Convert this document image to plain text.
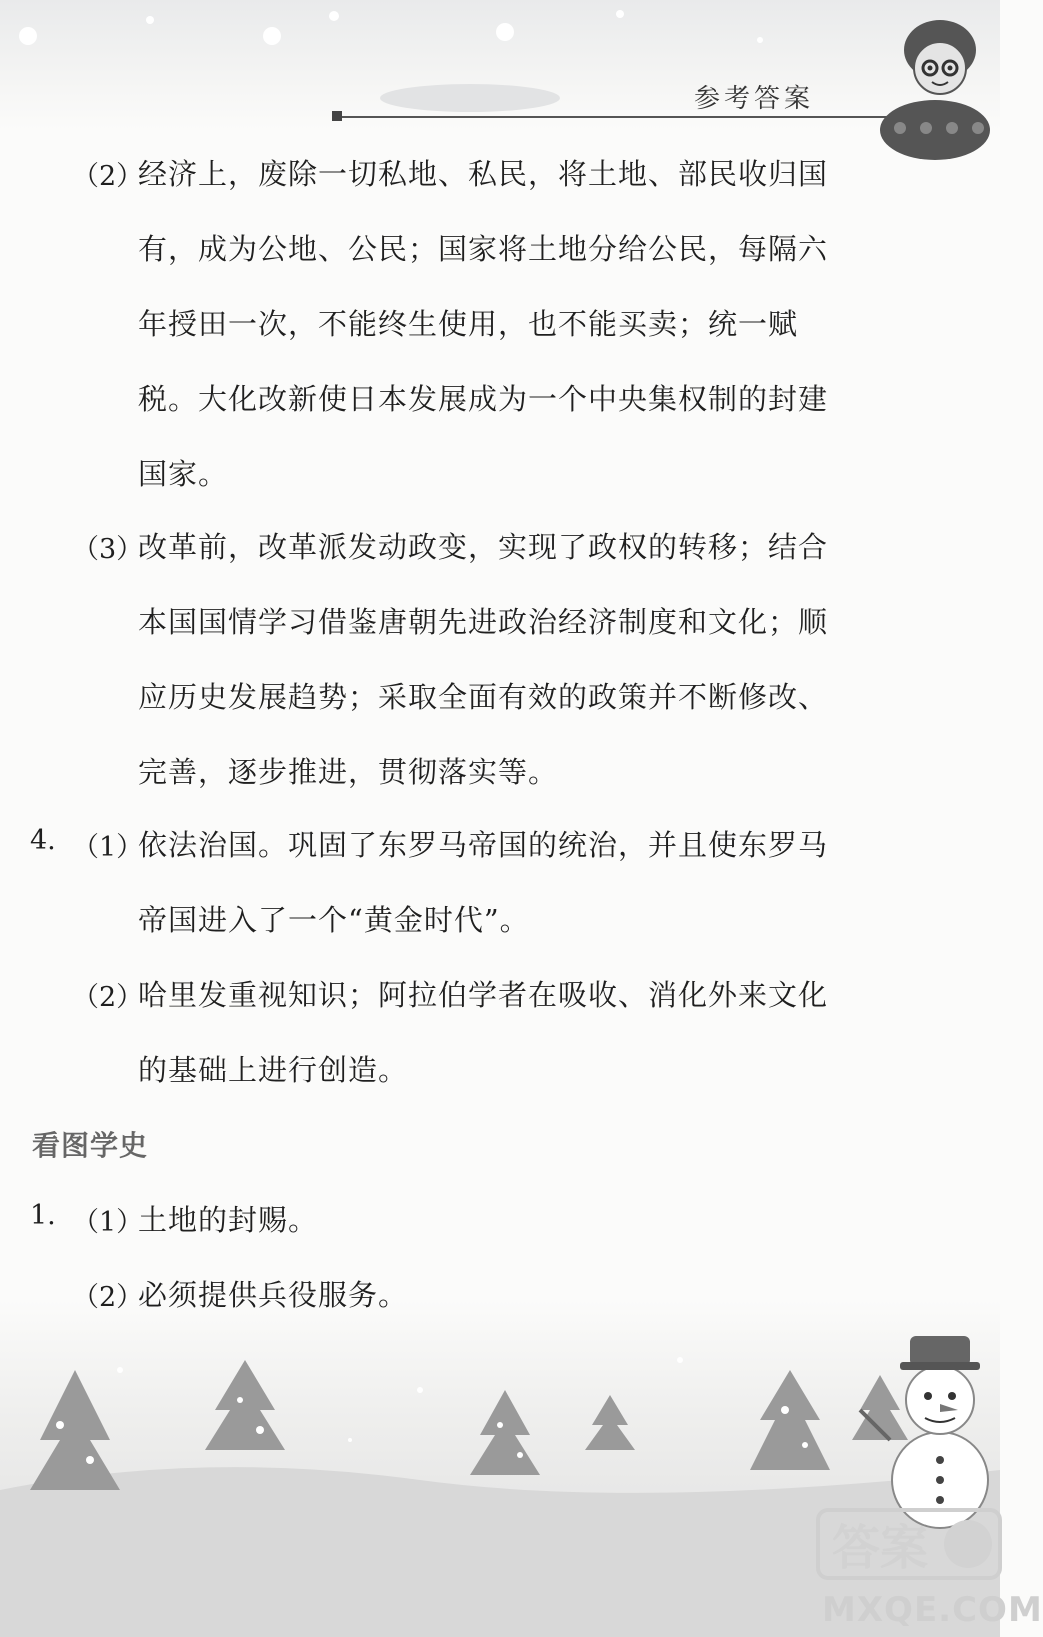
参考答案
（2）
经济上，废除一切私地、私民，将土地、部民收归国
有，成为公地、公民；国家将土地分给公民，每隔六
年授田一次，不能终生使用，也不能买卖；统一赋
税。大化改新使日本发展成为一个中央集权制的封建
国家。
（3）
改革前，改革派发动政变，实现了政权的转移；结合
本国国情学习借鉴唐朝先进政治经济制度和文化；顺
应历史发展趋势；采取全面有效的政策并不断修改、
完善，逐步推进，贯彻落实等。
4. （1）
依法治国。巩固了东罗马帝国的统治，并且使东罗马
帝国进入了一个“黄金时代”。
（2）
哈里发重视知识；阿拉伯学者在吸收、消化外来文化
的基础上进行创造。
看图学史
1. （1）
土地的封赐。
（2）
必须提供兵役服务。
答案
MXQE.COM
